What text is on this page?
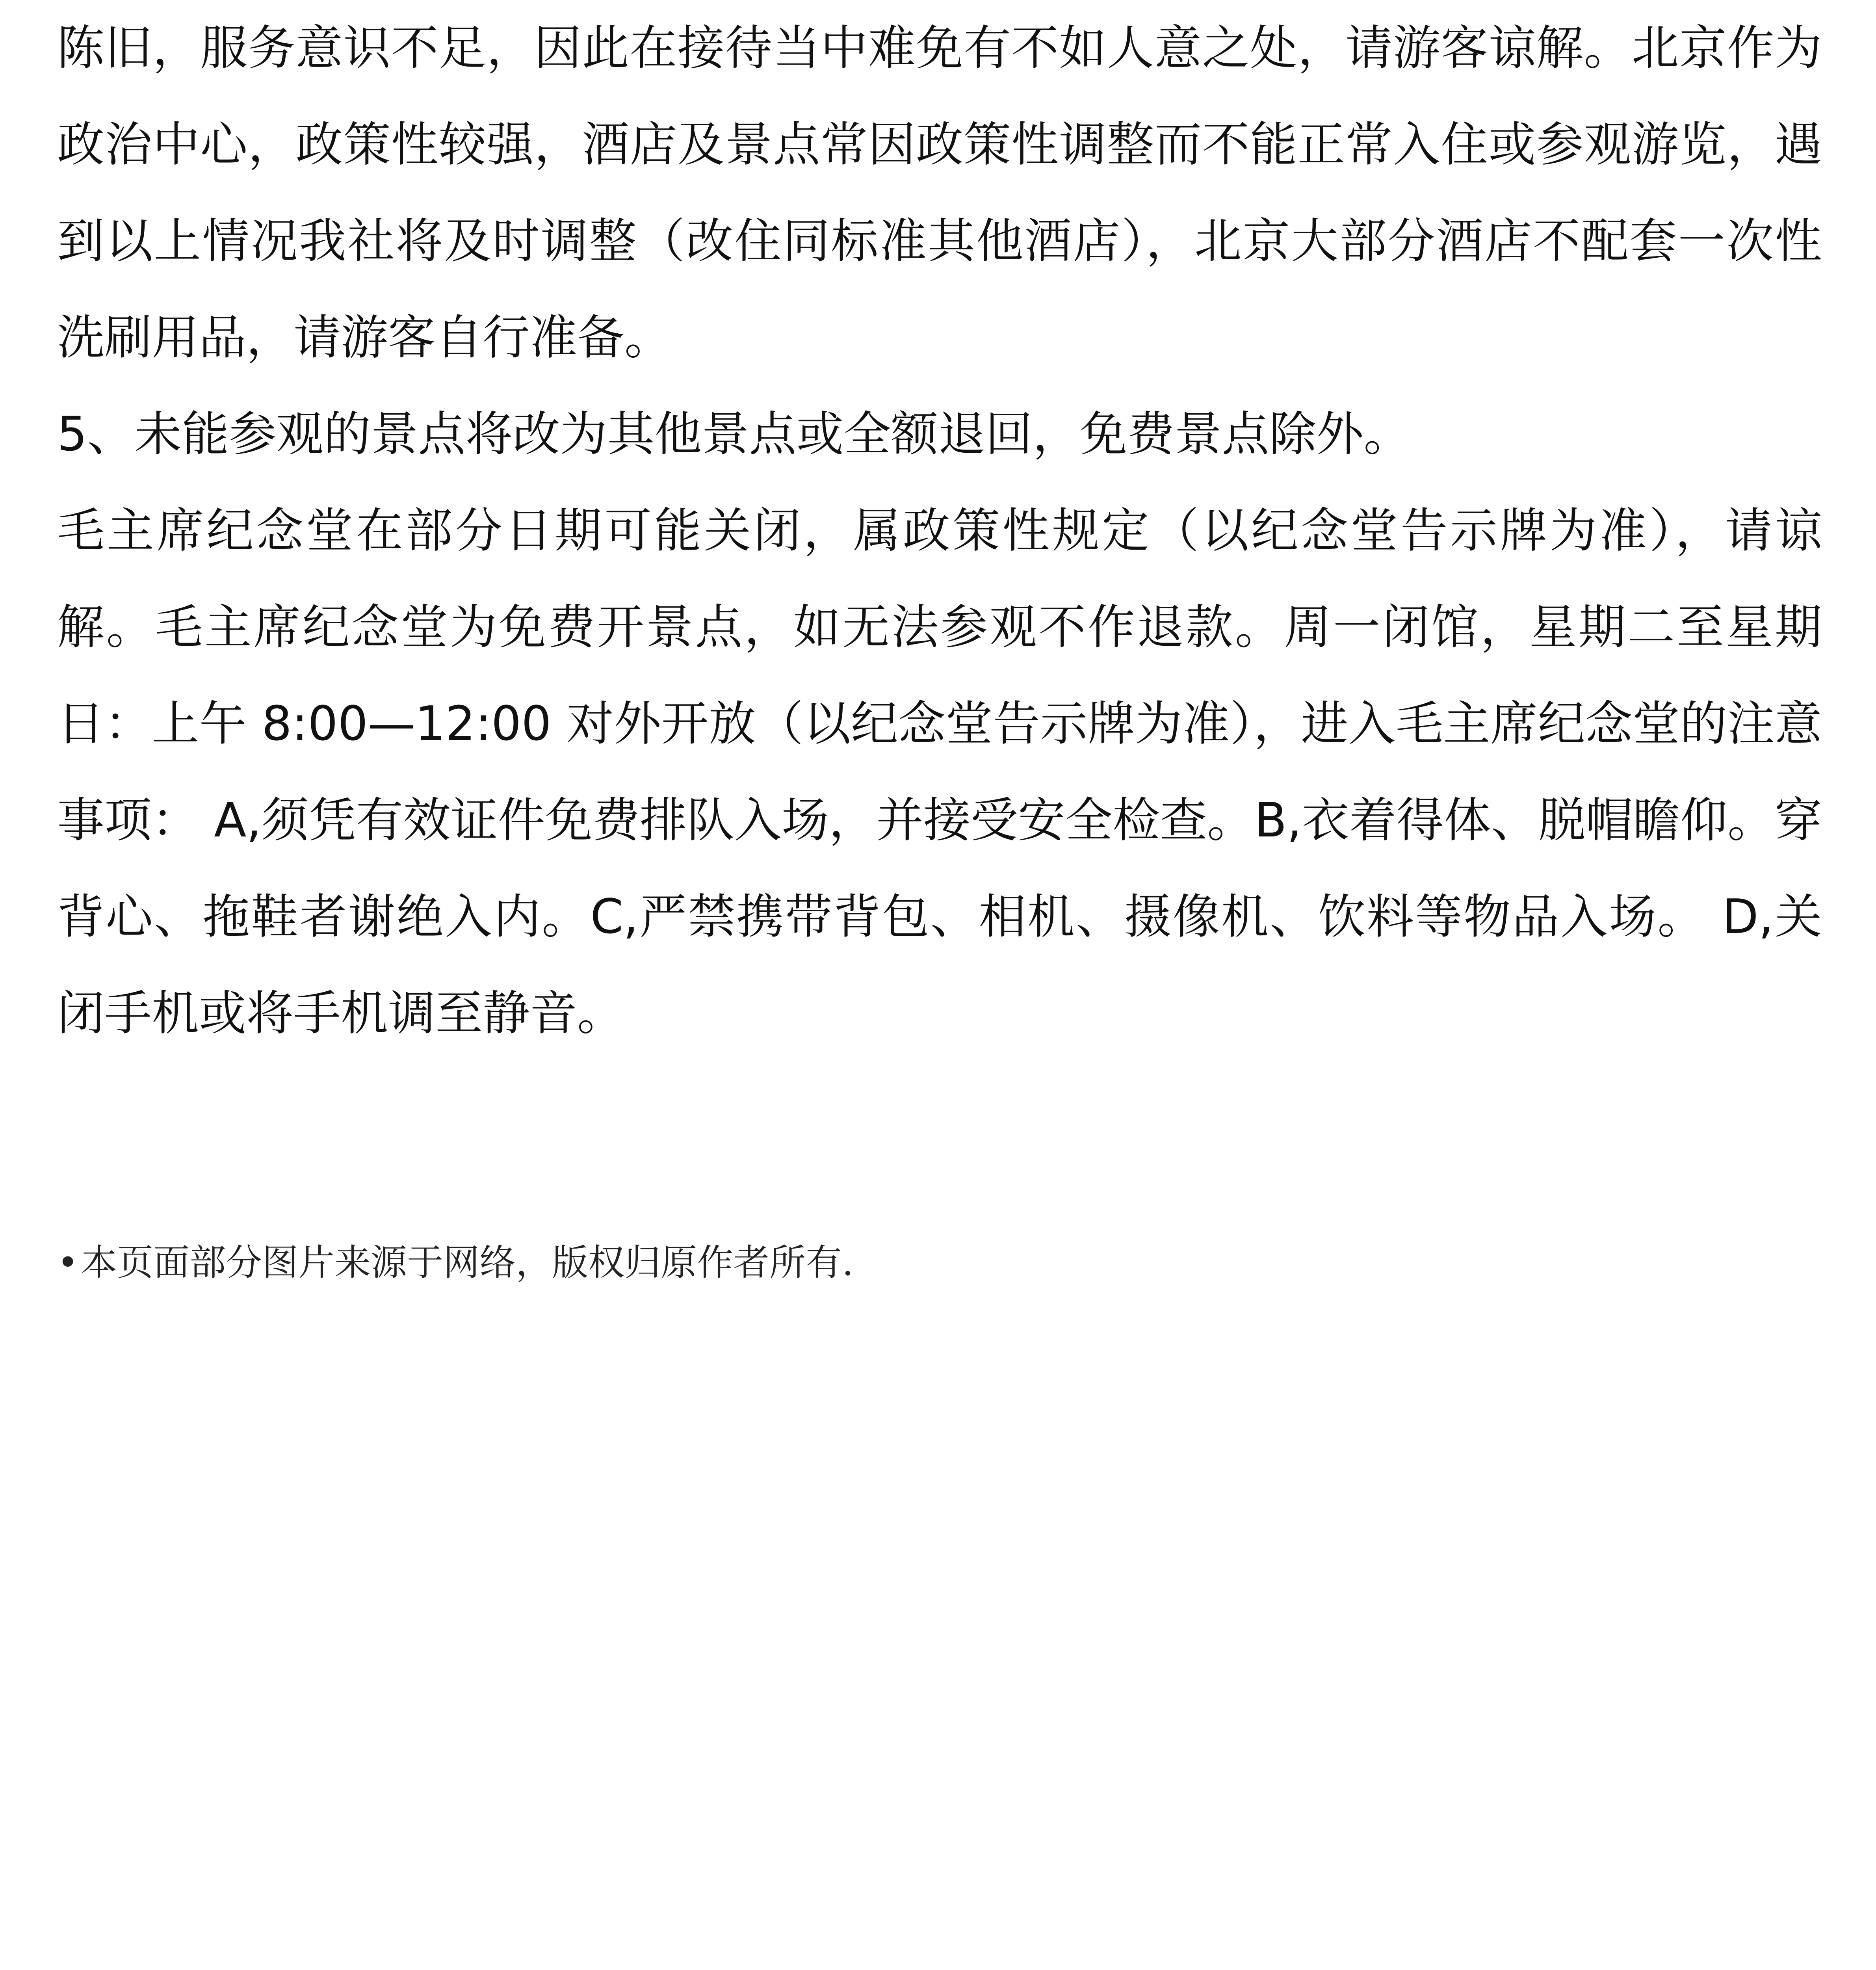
陈旧，服务意识不足，因此在接待当中难免有不如人意之处，请游客谅解。北京作为政治中心，政策性较强，酒店及景点常因政策性调整而不能正常入住或参观游览，遇到以上情况我社将及时调整（改住同标准其他酒店），北京大部分酒店不配套一次性洗刷用品，请游客自行准备。

5、未能参观的景点将改为其他景点或全额退回，免费景点除外。

毛主席纪念堂在部分日期可能关闭，属政策性规定（以纪念堂告示牌为准），请谅解。毛主席纪念堂为免费开景点，如无法参观不作退款。周一闭馆，星期二至星期日：上午 8:00—12:00 对外开放（以纪念堂告示牌为准），进入毛主席纪念堂的注意事项： A,须凭有效证件免费排队入场，并接受安全检查。B,衣着得体、脱帽瞻仰。穿背心、拖鞋者谢绝入内。C,严禁携带背包、相机、摄像机、饮料等物品入场。 D,关闭手机或将手机调至静音。

•本页面部分图片来源于网络，版权归原作者所有.
